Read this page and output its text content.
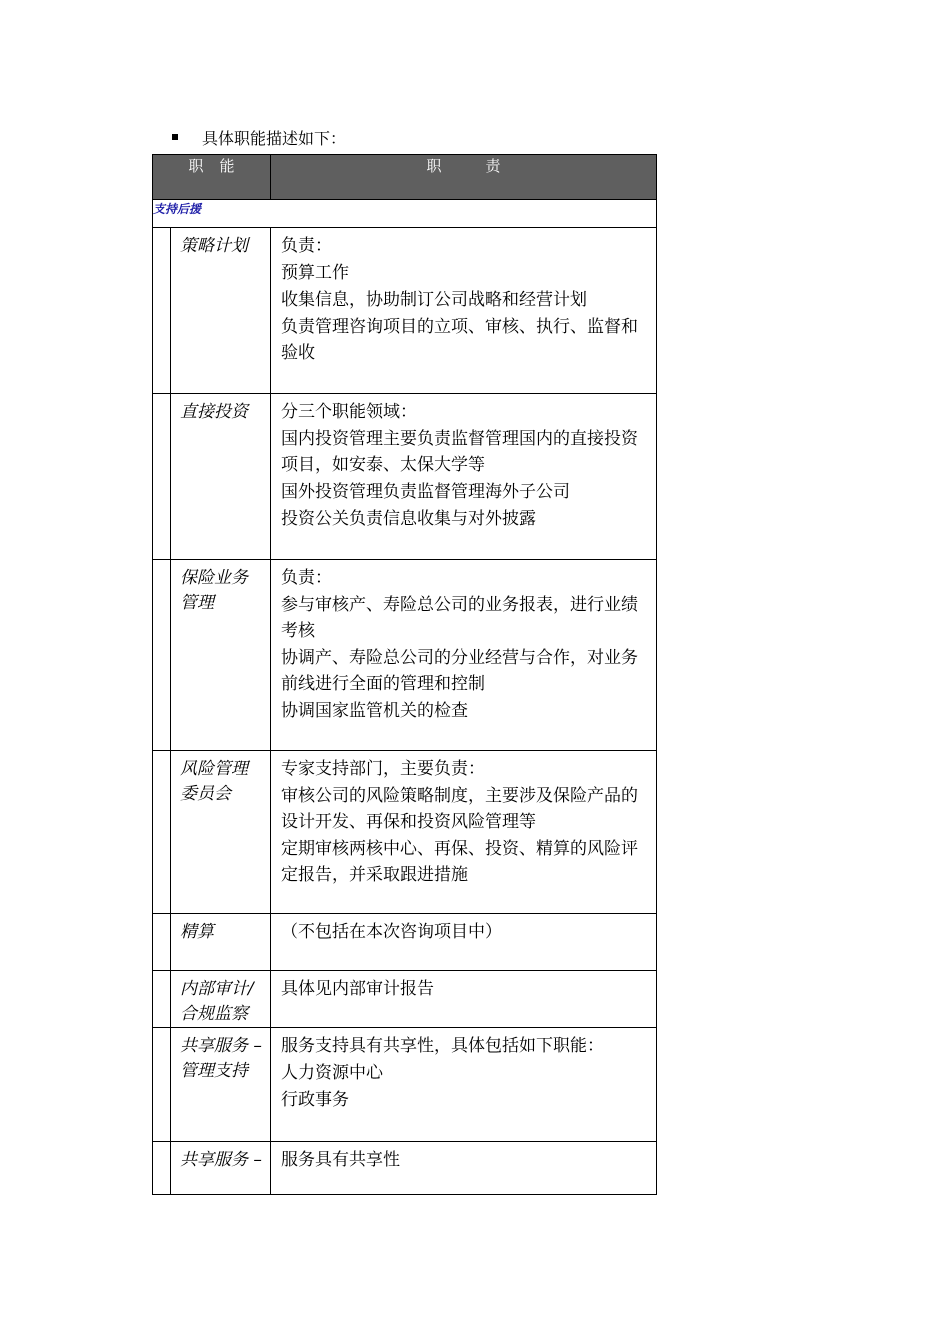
具体职能描述如下：
职能		职责
支持后援		
	策略计划	负责：
预算工作
收集信息，协助制订公司战略和经营计划
负责管理咨询项目的立项、审核、执行、监督和验收

	直接投资	分三个职能领域：
国内投资管理主要负责监督管理国内的直接投资项目，如安泰、太保大学等
国外投资管理负责监督管理海外子公司
投资公关负责信息收集与对外披露

	保险业务管理	负责：
参与审核产、寿险总公司的业务报表，进行业绩考核
协调产、寿险总公司的分业经营与合作，对业务前线进行全面的管理和控制
协调国家监管机关的检查

	风险管理委员会	专家支持部门，主要负责：
审核公司的风险策略制度，主要涉及保险产品的设计开发、再保和投资风险管理等
定期审核两核中心、再保、投资、精算的风险评定报告，并采取跟进措施

	精算	（不包括在本次咨询项目中）

	内部审计/合规监察	具体见内部审计报告

	共享服务 – 管理支持	服务支持具有共享性，具体包括如下职能：
人力资源中心
行政事务

	共享服务 –	服务具有共享性
